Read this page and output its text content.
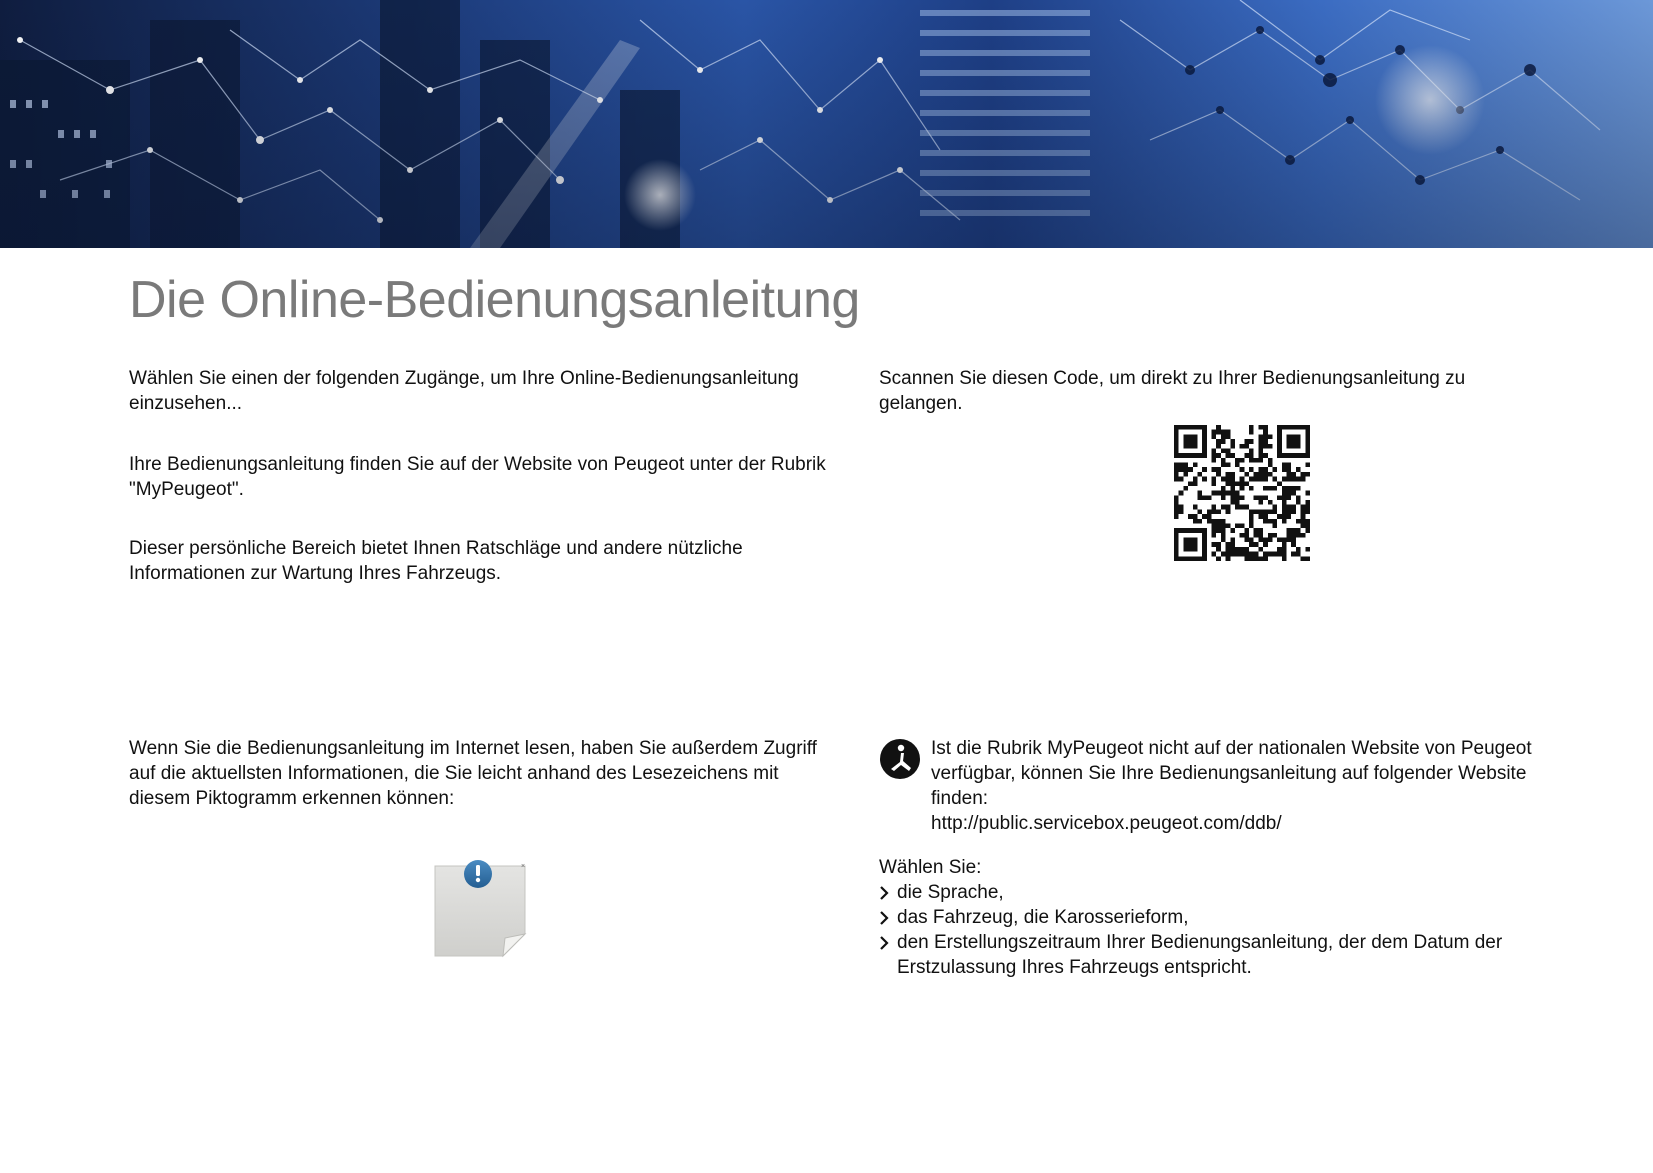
Die Online-Bedienungsanleitung

Wählen Sie einen der folgenden Zugänge, um Ihre Online-Bedienungsanleitung einzusehen...

Ihre Bedienungsanleitung finden Sie auf der Website von Peugeot unter der Rubrik "MyPeugeot".

Dieser persönliche Bereich bietet Ihnen Ratschläge und andere nützliche Informationen zur Wartung Ihres Fahrzeugs.

Scannen Sie diesen Code, um direkt zu Ihrer Bedienungsanleitung zu gelangen.

Wenn Sie die Bedienungsanleitung im Internet lesen, haben Sie außerdem Zugriff auf die aktuellsten Informationen, die Sie leicht anhand des Lesezeichens mit diesem Piktogramm erkennen können:

×

Ist die Rubrik MyPeugeot nicht auf der nationalen Website von Peugeot verfügbar, können Sie Ihre Bedienungsanleitung auf folgender Website finden:

http://public.servicebox.peugeot.com/ddb/

Wählen Sie:

die Sprache,
das Fahrzeug, die Karosserieform,
den Erstellungszeitraum Ihrer Bedienungsanleitung, der dem Datum der Erstzulassung Ihres Fahrzeugs entspricht.
